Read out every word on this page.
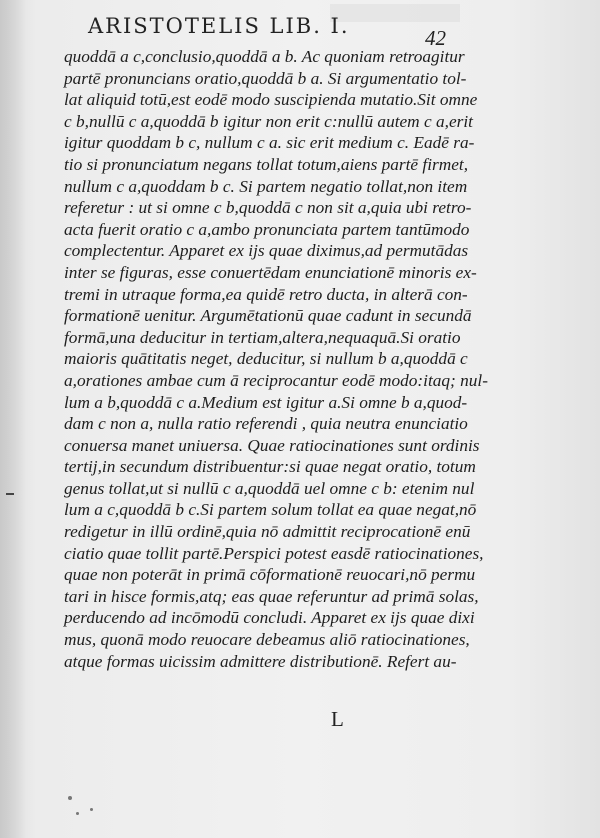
ARISTOTELIS LIB. I.	42
quoddā a c,conclusio,quoddā a b. Ac quoniam retroagitur
partē pronuncians oratio,quoddā b a. Si argumentatio tol-
lat aliquid totū,est eodē modo suscipienda mutatio.Sit omne
c b,nullū c a,quoddā b igitur non erit c:nullū autem c a,erit
igitur quoddam b c, nullum c a. sic erit medium c. Eadē ra-
tio si pronunciatum negans tollat totum,aiens partē firmet,
nullum c a,quoddam b c. Si partem negatio tollat,non item
referetur : ut si omne c b,quoddā c non sit a,quia ubi retro-
acta fuerit oratio c a,ambo pronunciata partem tantūmodo
complectentur. Apparet ex ijs quae diximus,ad permutādas
inter se figuras, esse conuertēdam enunciationē minoris ex-
tremi in utraque forma,ea quidē retro ducta, in alterā con-
formationē uenitur. Argumētationū quae cadunt in secundā
formā,una deducitur in tertiam,altera,nequaquā.Si oratio
maioris quātitatis neget, deducitur, si nullum b a,quoddā c
a,orationes ambae cum ā reciprocantur eodē modo:itaq; nul-
lum a b,quoddā c a.Medium est igitur a.Si omne b a,quod-
dam c non a, nulla ratio referendi , quia neutra enunciatio
conuersa manet uniuersa. Quae ratiocinationes sunt ordinis
tertij,in secundum distribuentur:si quae negat oratio, totum
genus tollat,ut si nullū c a,quoddā uel omne c b: etenim nul
lum a c,quoddā b c.Si partem solum tollat ea quae negat,nō
redigetur in illū ordinē,quia nō admittit reciprocationē enū
ciatio quae tollit partē.Perspici potest easdē ratiocinationes,
quae non poterāt in primā cōformationē reuocari,nō permu
tari in hisce formis,atq; eas quae referuntur ad primā solas,
perducendo ad incōmodū concludi. Apparet ex ijs quae dixi
mus, quonā modo reuocare debeamus aliō ratiocinationes,
atque formas uicissim admittere distributionē. Refert au-
L
